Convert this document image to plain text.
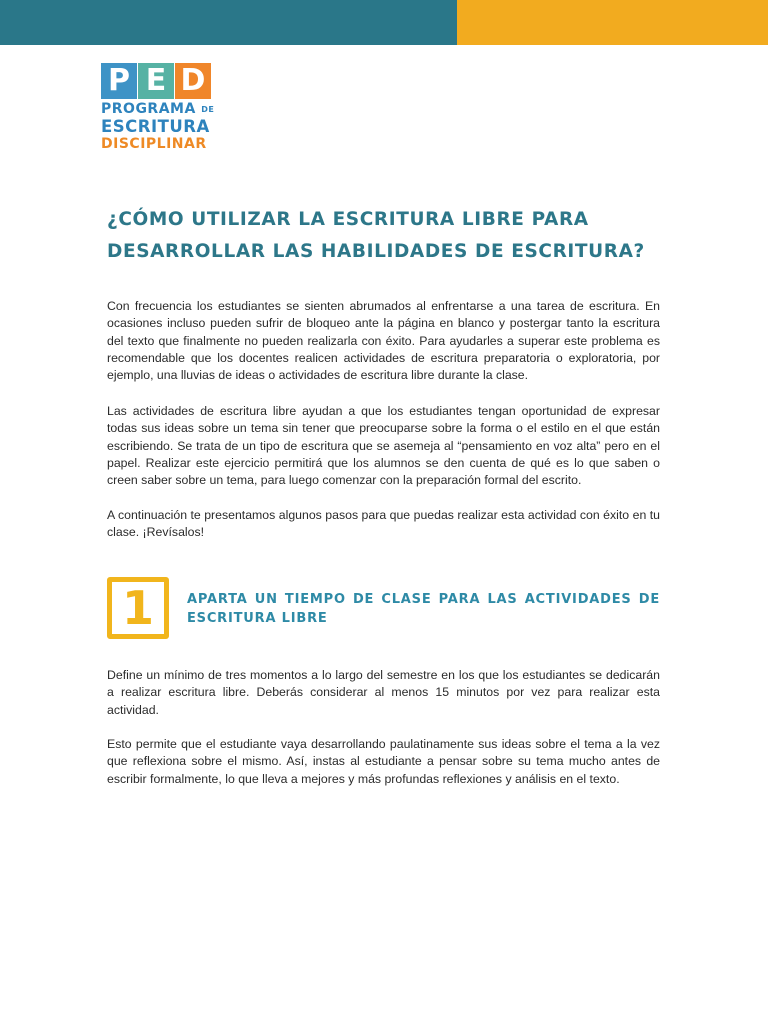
P E D
PROGRAMA DE
ESCRITURA
DISCIPLINAR
¿CÓMO UTILIZAR LA ESCRITURA LIBRE PARA DESARROLLAR LAS HABILIDADES DE ESCRITURA?

Con frecuencia los estudiantes se sienten abrumados al enfrentarse a una tarea de escritura. En ocasiones incluso pueden sufrir de bloqueo ante la página en blanco y postergar tanto la escritura del texto que finalmente no pueden realizarla con éxito. Para ayudarles a superar este problema es recomendable que los docentes realicen actividades de escritura preparatoria o exploratoria, por ejemplo, una lluvias de ideas o actividades de escritura libre durante la clase.

Las actividades de escritura libre ayudan a que los estudiantes tengan oportunidad de expresar todas sus ideas sobre un tema sin tener que preocuparse sobre la forma o el estilo en el que están escribiendo. Se trata de un tipo de escritura que se asemeja al “pensamiento en voz alta” pero en el papel. Realizar este ejercicio permitirá que los alumnos se den cuenta de qué es lo que saben o creen saber sobre un tema, para luego comenzar con la preparación formal del escrito.

A continuación te presentamos algunos pasos para que puedas realizar esta actividad con éxito en tu clase. ¡Revísalos!

1	APARTA UN TIEMPO DE CLASE PARA LAS ACTIVIDADES DE ESCRITURA LIBRE

Define un mínimo de tres momentos a lo largo del semestre en los que los estudiantes se dedicarán a realizar escritura libre. Deberás considerar al menos 15 minutos por vez para realizar esta actividad.

Esto permite que el estudiante vaya desarrollando paulatinamente sus ideas sobre el tema a la vez que reflexiona sobre el mismo. Así, instas al estudiante a pensar sobre su tema mucho antes de escribir formalmente, lo que lleva a mejores y más profundas reflexiones y análisis en el texto.
